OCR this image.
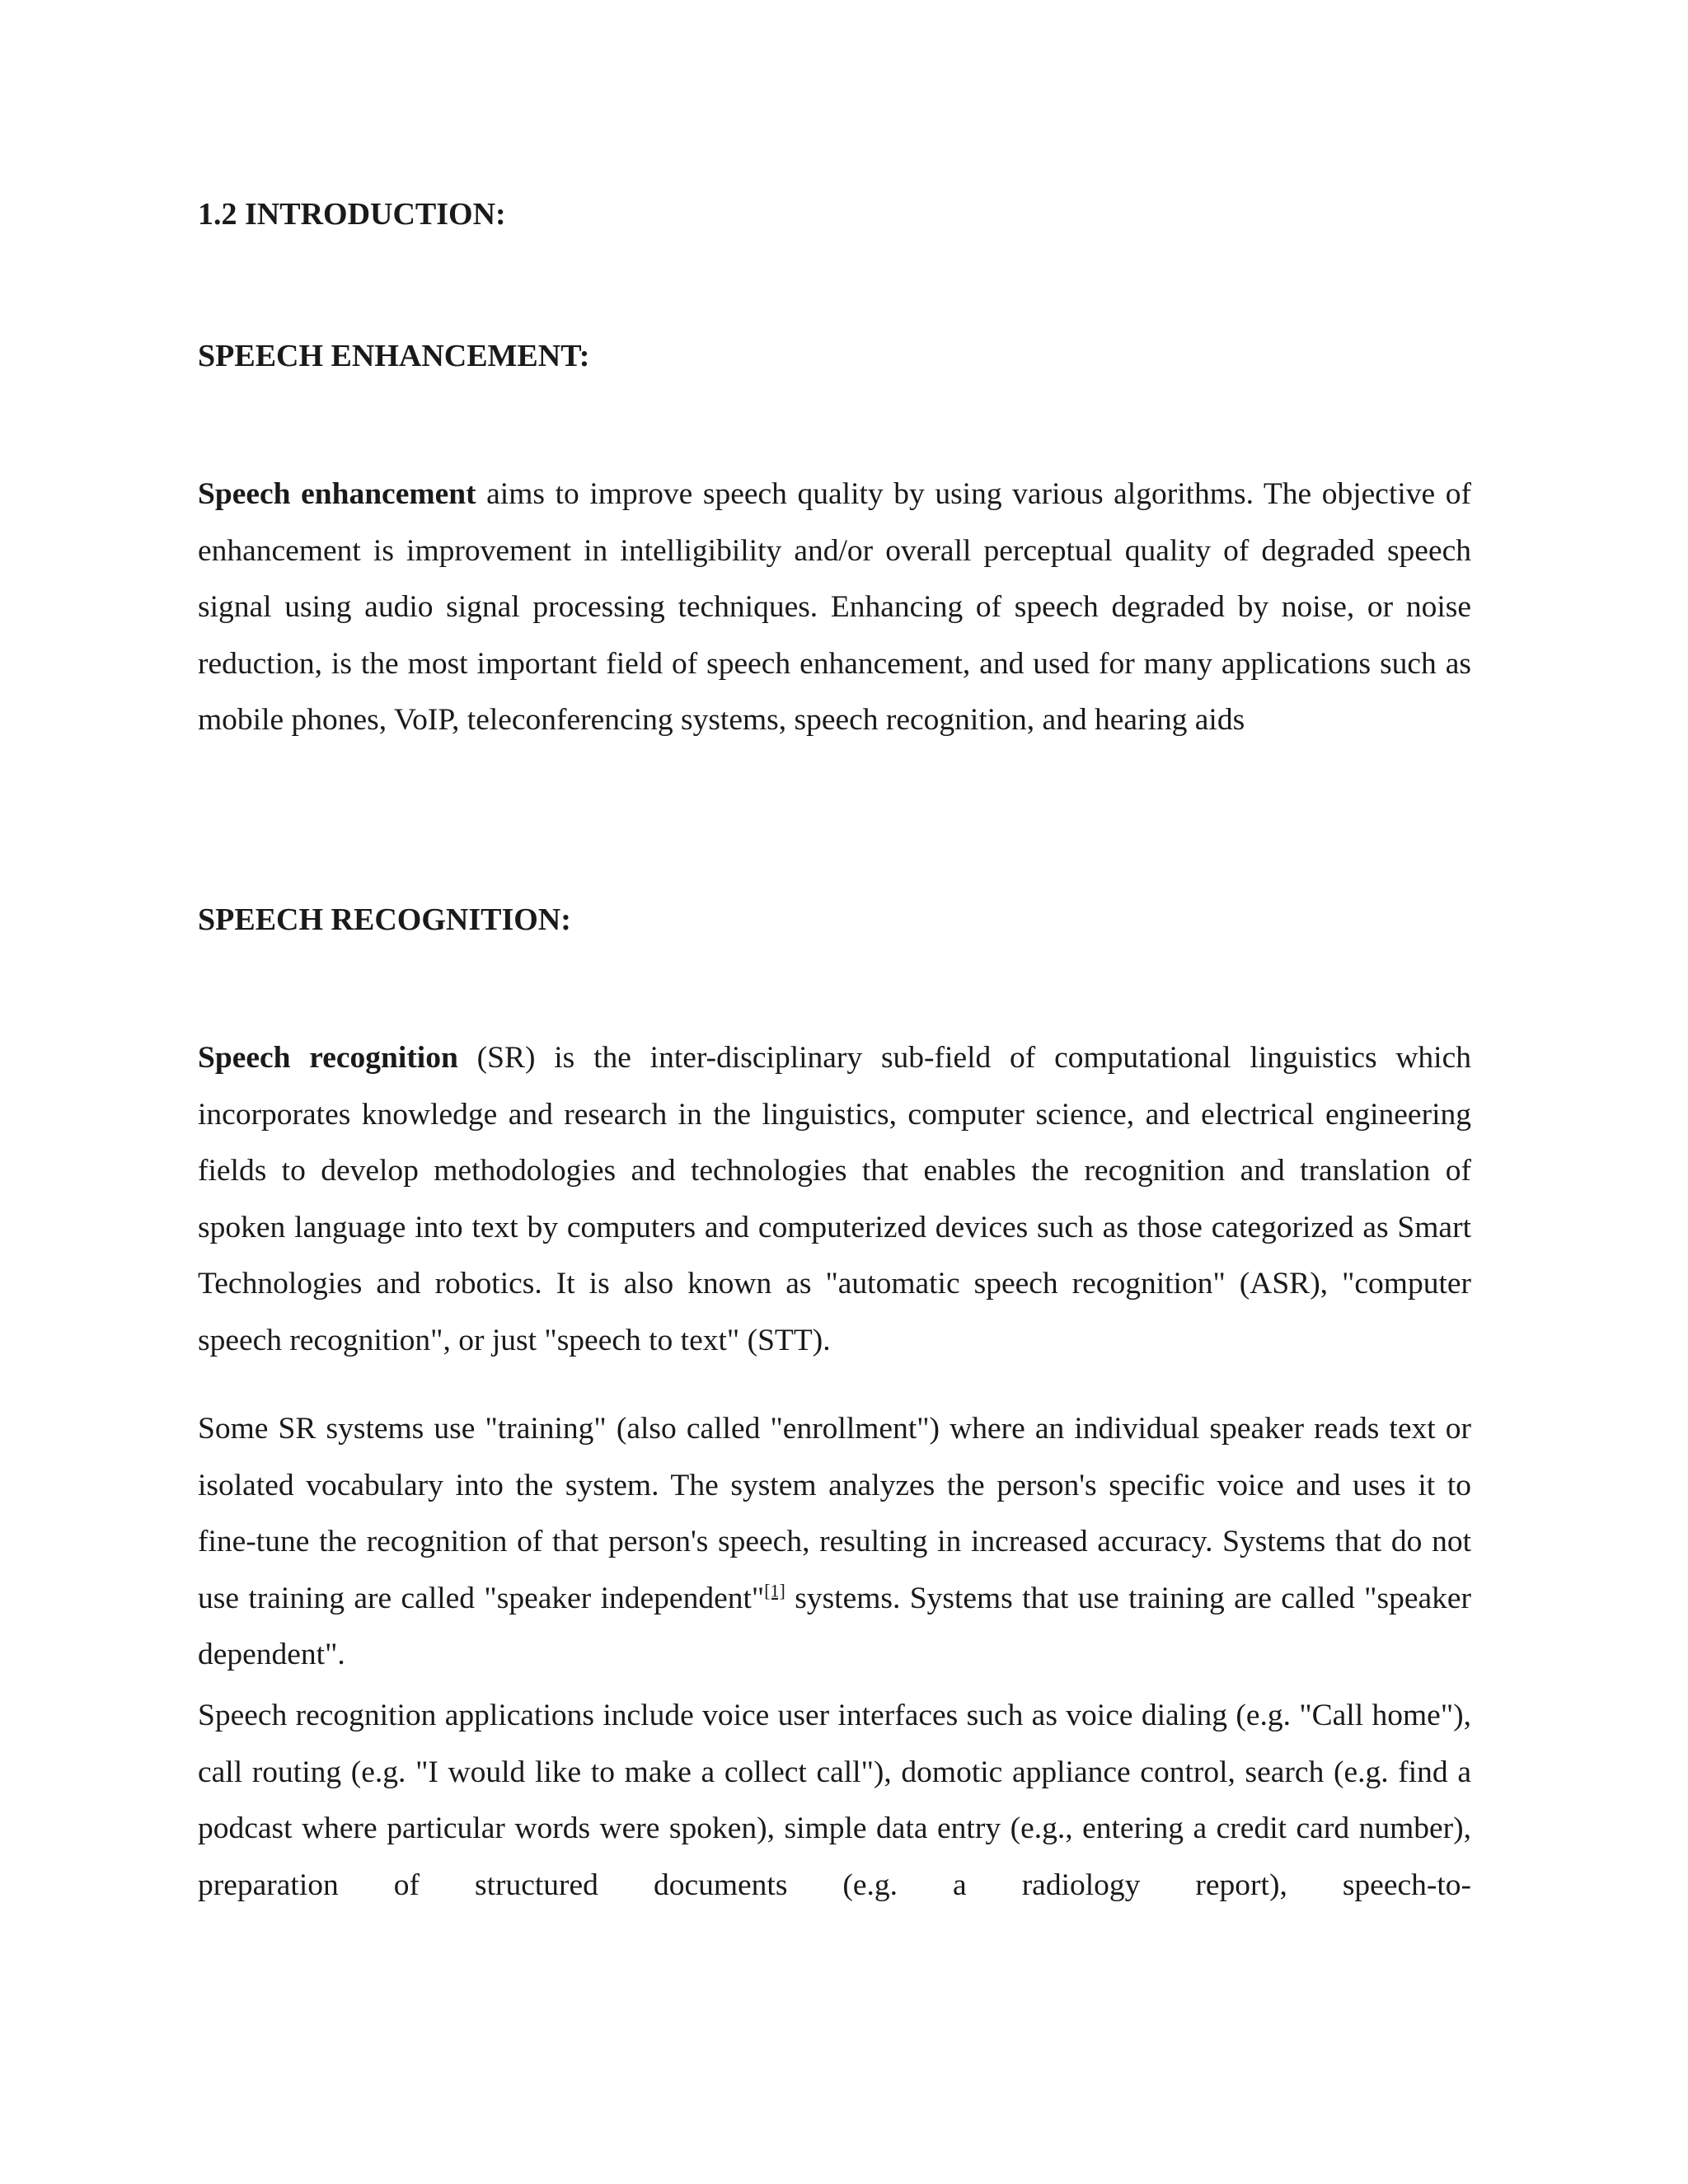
1.2 INTRODUCTION:
SPEECH ENHANCEMENT:
Speech enhancement aims to improve speech quality by using various algorithms. The objective of enhancement is improvement in intelligibility and/or overall perceptual quality of degraded speech signal using audio signal processing techniques. Enhancing of speech degraded by noise, or noise reduction, is the most important field of speech enhancement, and used for many applications such as mobile phones, VoIP, teleconferencing systems, speech recognition, and hearing aids
SPEECH RECOGNITION:
Speech recognition (SR) is the inter-disciplinary sub-field of computational linguistics which incorporates knowledge and research in the linguistics, computer science, and electrical engineering fields to develop methodologies and technologies that enables the recognition and translation of spoken language into text by computers and computerized devices such as those categorized as Smart Technologies and robotics. It is also known as "automatic speech recognition" (ASR), "computer speech recognition", or just "speech to text" (STT).
Some SR systems use "training" (also called "enrollment") where an individual speaker reads text or isolated vocabulary into the system. The system analyzes the person's specific voice and uses it to fine-tune the recognition of that person's speech, resulting in increased accuracy. Systems that do not use training are called "speaker independent"[1] systems. Systems that use training are called "speaker dependent".
Speech recognition applications include voice user interfaces such as voice dialing (e.g. "Call home"), call routing (e.g. "I would like to make a collect call"), domotic appliance control, search (e.g. find a podcast where particular words were spoken), simple data entry (e.g., entering a credit card number), preparation of structured documents (e.g. a radiology report), speech-to-
